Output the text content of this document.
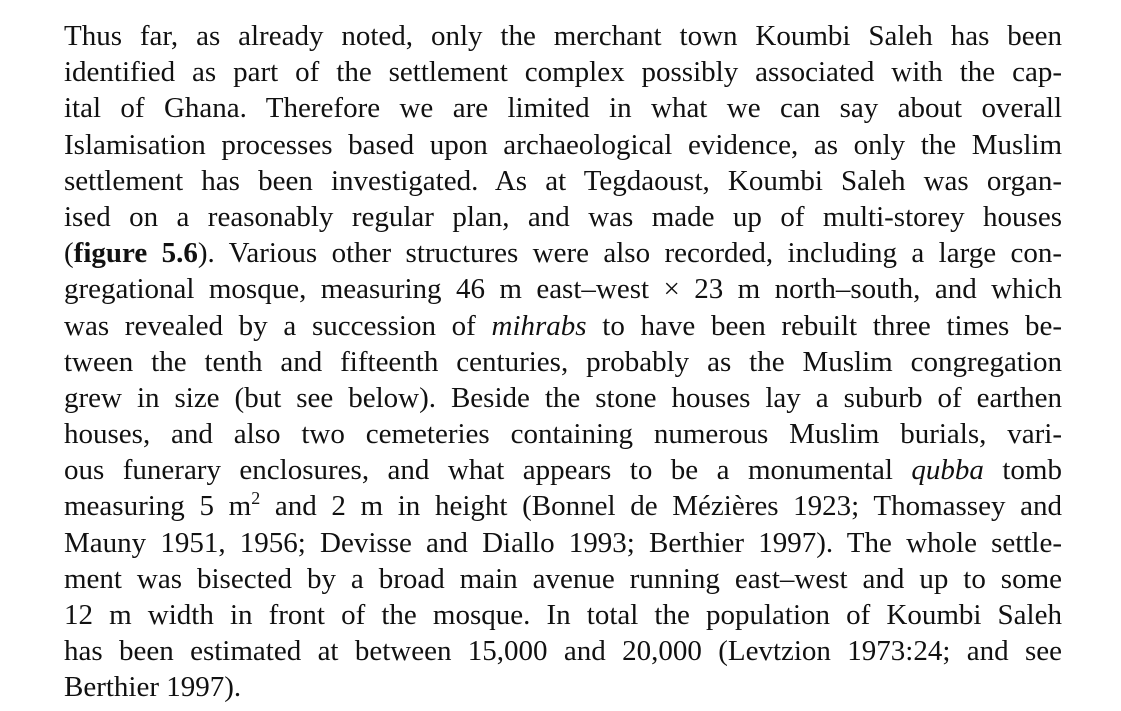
Thus far, as already noted, only the merchant town Koumbi Saleh has been
identified as part of the settlement complex possibly associated with the cap-
ital of Ghana. Therefore we are limited in what we can say about overall
Islamisation processes based upon archaeological evidence, as only the Muslim
settlement has been investigated. As at Tegdaoust, Koumbi Saleh was organ-
ised on a reasonably regular plan, and was made up of multi-storey houses
(figure 5.6). Various other structures were also recorded, including a large con-
gregational mosque, measuring 46 m east–west × 23 m north–south, and which
was revealed by a succession of mihrabs to have been rebuilt three times be-
tween the tenth and fifteenth centuries, probably as the Muslim congregation
grew in size (but see below). Beside the stone houses lay a suburb of earthen
houses, and also two cemeteries containing numerous Muslim burials, vari-
ous funerary enclosures, and what appears to be a monumental qubba tomb
measuring 5 $m^2$ and 2 m in height (Bonnel de Mézières 1923; Thomassey and
Mauny 1951, 1956; Devisse and Diallo 1993; Berthier 1997). The whole settle-
ment was bisected by a broad main avenue running east–west and up to some
12 m width in front of the mosque. In total the population of Koumbi Saleh
has been estimated at between 15,000 and 20,000 (Levtzion 1973:24; and see
Berthier 1997).
